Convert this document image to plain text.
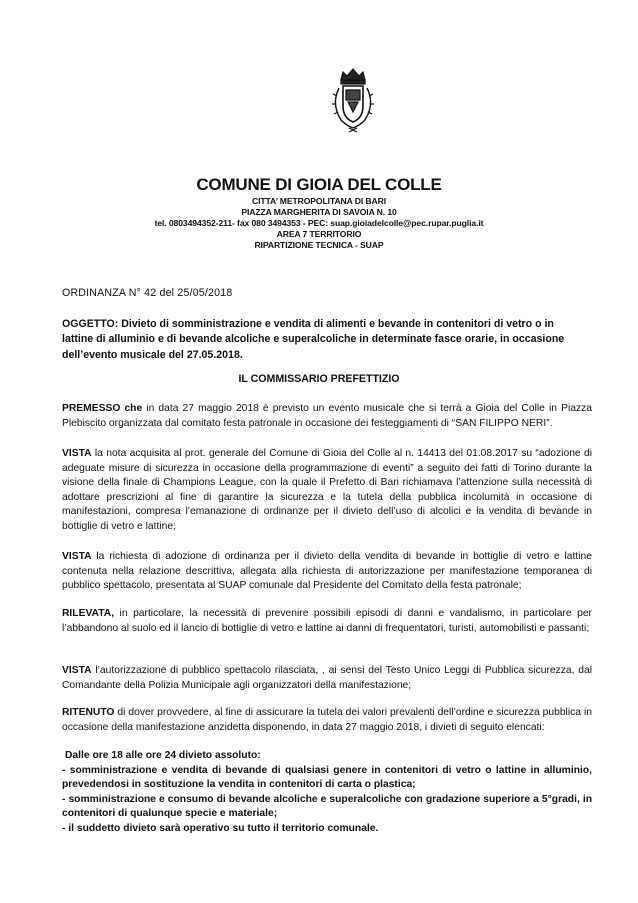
COMUNE DI GIOIA DEL COLLE
CITTA’ METROPOLITANA DI BARI
PIAZZA MARGHERITA DI SAVOIA N. 10
tel. 0803494352-211- fax 080 3494353 - PEC: suap.gioiadelcolle@pec.rupar.puglia.it
AREA 7 TERRITORIO
RIPARTIZIONE TECNICA - SUAP
ORDINANZA N° 42 del 25/05/2018
OGGETTO: Divieto di somministrazione e vendita di alimenti e bevande in contenitori di vetro o in lattine di alluminio e di bevande alcoliche e superalcoliche in determinate fasce orarie, in occasione dell’evento musicale del 27.05.2018.
IL COMMISSARIO PREFETTIZIO
PREMESSO che in data 27 maggio 2018 è previsto un evento musicale che si terrà a Gioia del Colle in Piazza Plebiscito organizzata dal comitato festa patronale in occasione dei festeggiamenti di “SAN FILIPPO NERI”.
VISTA la nota acquisita al prot. generale del Comune di Gioia del Colle al n. 14413 del 01.08.2017 su “adozione di adeguate misure di sicurezza in occasione della programmazione di eventi” a seguito dei fatti di Torino durante la visione della finale di Champions League, con la quale il Prefetto di Bari richiamava l’attenzione sulla necessità di adottare prescrizioni al fine di garantire la sicurezza e la tutela della pubblica incolumità in occasione di manifestazioni, compresa l’emanazione di ordinanze per il divieto dell’uso di alcolici e la vendita di bevande in bottiglie di vetro e lattine;
VISTA la richiesta di adozione di ordinanza per il divieto della vendita di bevande in bottiglie di vetro e lattine contenuta nella relazione descrittiva, allegata alla richiesta di autorizzazione per manifestazione temporanea di pubblico spettacolo, presentata al SUAP comunale dal Presidente del Comitato della festa patronale;
RILEVATA, in particolare, la necessità di prevenire possibili episodi di danni e vandalismo, in particolare per l’abbandono al suolo ed il lancio di bottiglie di vetro e lattine ai danni di frequentatori, turisti, automobilisti e passanti;
VISTA l’autorizzazione di pubblico spettacolo rilasciata, , ai sensi del Testo Unico Leggi di Pubblica sicurezza, dal Comandante della Polizia Municipale agli organizzatori della manifestazione;
RITENUTO di dover provvedere, al fine di assicurare la tutela dei valori prevalenti dell’ordine e sicurezza pubblica in occasione della manifestazione anzidetta disponendo, in data 27 maggio 2018, i divieti di seguito elencati:
Dalle ore 18 alle ore 24 divieto assoluto:
- somministrazione e vendita di bevande di qualsiasi genere in contenitori di vetro o lattine in alluminio, prevedendosi in sostituzione la vendita in contenitori di carta o plastica;
- somministrazione e consumo di bevande alcoliche e superalcoliche con gradazione superiore a 5°gradi, in contenitori di qualunque specie e materiale;
- il suddetto divieto sarà operativo su tutto il territorio comunale.
